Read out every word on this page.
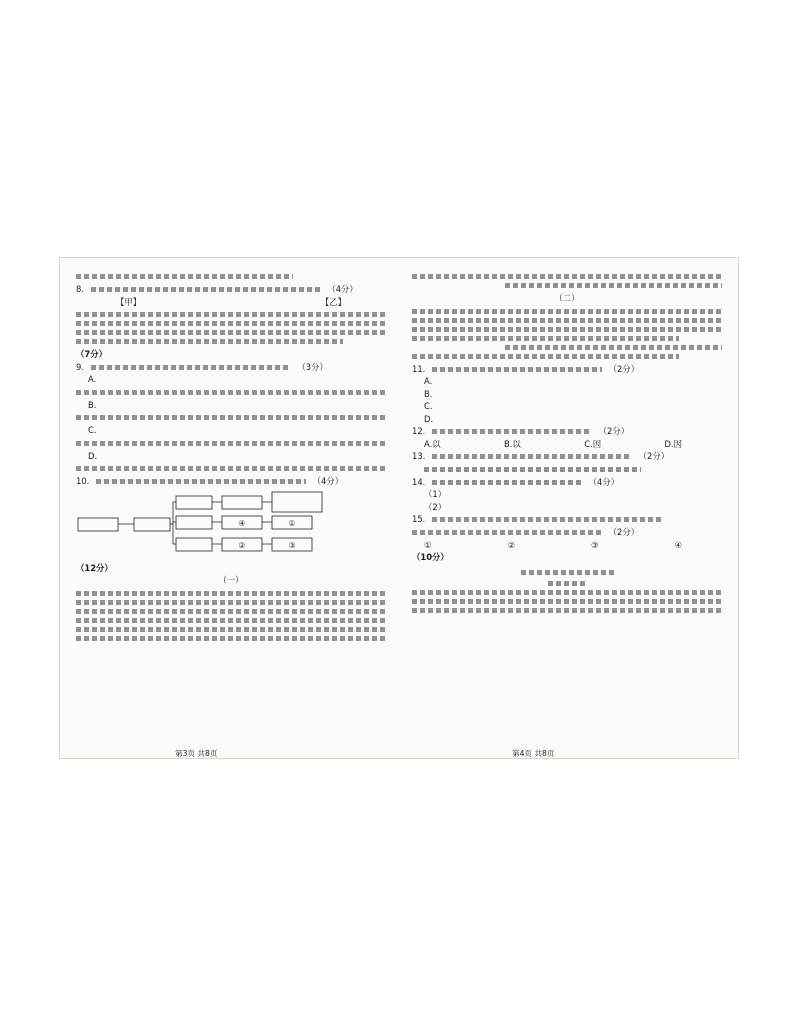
8.	（4分）
【甲】	【乙】
（7分）
9.	（3分）
A.
B.
C.
D.
10.	（4分）
①
③
②
④
（12分）
（一）
（二）
11.	（2分）
A.
B.
C.
D.
12.	（2分）
A.以	B.以	C.因	D.因
13.	（2分）
14.	（4分）
（1）
（2）
15.
（2分）
①	②	③	④
（10分）
第3页 共8页	第4页 共8页
